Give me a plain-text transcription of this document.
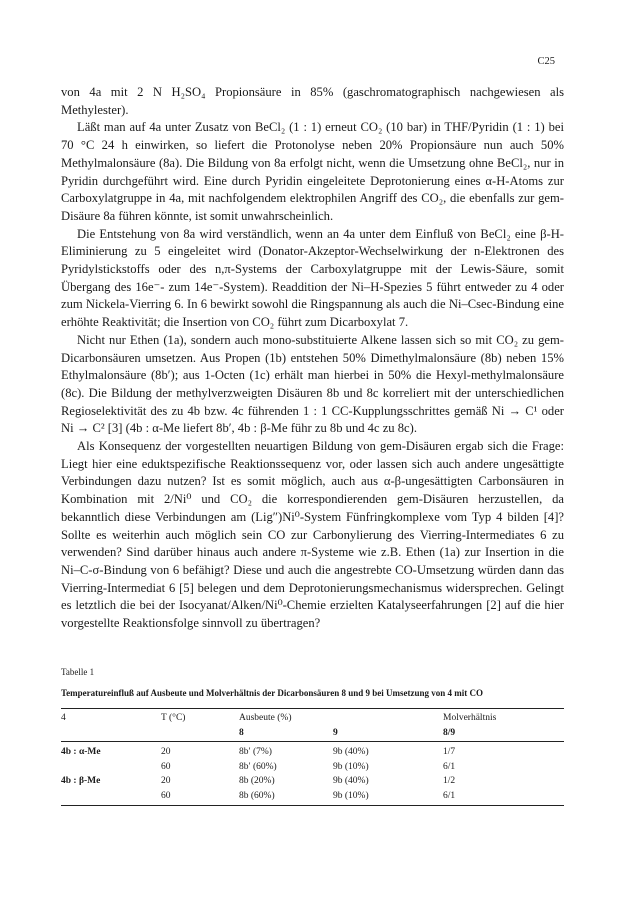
C25

von 4a mit 2 N H₂SO₄ Propionsäure in 85% (gaschromatographisch nachgewiesen als Methylester).

Läßt man auf 4a unter Zusatz von BeCl₂ (1 : 1) erneut CO₂ (10 bar) in THF/Pyridin (1 : 1) bei 70 °C 24 h einwirken, so liefert die Protonolyse neben 20% Propionsäure nun auch 50% Methylmalonsäure (8a). Die Bildung von 8a erfolgt nicht, wenn die Umsetzung ohne BeCl₂, nur in Pyridin durchgeführt wird. Eine durch Pyridin eingeleitete Deprotonierung eines α-H-Atoms zur Carboxylatgruppe in 4a, mit nachfolgendem elektrophilen Angriff des CO₂, die ebenfalls zur gem-Disäure 8a führen könnte, ist somit unwahrscheinlich.

Die Entstehung von 8a wird verständlich, wenn an 4a unter dem Einfluß von BeCl₂ eine β-H-Eliminierung zu 5 eingeleitet wird (Donator-Akzeptor-Wechselwirkung der n-Elektronen des Pyridylstickstoffs oder des n,π-Systems der Carboxylatgruppe mit der Lewis-Säure, somit Übergang des 16e⁻- zum 14e⁻-System). Readdition der Ni–H-Spezies 5 führt entweder zu 4 oder zum Nickela-Vierring 6. In 6 bewirkt sowohl die Ringspannung als auch die Ni–Csec-Bindung eine erhöhte Reaktivität; die Insertion von CO₂ führt zum Dicarboxylat 7.

Nicht nur Ethen (1a), sondern auch mono-substituierte Alkene lassen sich so mit CO₂ zu gem-Dicarbonsäuren umsetzen. Aus Propen (1b) entstehen 50% Dimethylmalonsäure (8b) neben 15% Ethylmalonsäure (8b′); aus 1-Octen (1c) erhält man hierbei in 50% die Hexyl-methylmalonsäure (8c). Die Bildung der methylverzweigten Disäuren 8b und 8c korreliert mit der unterschiedlichen Regioselektivität des zu 4b bzw. 4c führenden 1 : 1 CC-Kupplungsschrittes gemäß Ni → C¹ oder Ni → C² [3] (4b : α-Me liefert 8b′, 4b : β-Me führ zu 8b und 4c zu 8c).

Als Konsequenz der vorgestellten neuartigen Bildung von gem-Disäuren ergab sich die Frage: Liegt hier eine eduktspezifische Reaktionssequenz vor, oder lassen sich auch andere ungesättigte Verbindungen dazu nutzen? Ist es somit möglich, auch aus α-β-ungesättigten Carbonsäuren in Kombination mit 2/Ni⁰ und CO₂ die korrespondierenden gem-Disäuren herzustellen, da bekanntlich diese Verbindungen am (Lig″)Ni⁰-System Fünfringkomplexe vom Typ 4 bilden [4]? Sollte es weiterhin auch möglich sein CO zur Carbonylierung des Vierring-Intermediates 6 zu verwenden? Sind darüber hinaus auch andere π-Systeme wie z.B. Ethen (1a) zur Insertion in die Ni–C-σ-Bindung von 6 befähigt? Diese und auch die angestrebte CO-Umsetzung würden dann das Vierring-Intermediat 6 [5] belegen und dem Deprotonierungsmechanismus widersprechen. Gelingt es letztlich die bei der Isocyanat/Alken/Ni⁰-Chemie erzielten Katalyseerfahrungen [2] auf die hier vorgestellte Reaktionsfolge sinnvoll zu übertragen?

Tabelle 1
Temperatureinfluß auf Ausbeute und Molverhältnis der Dicarbonsäuren 8 und 9 bei Umsetzung von 4 mit CO
4	T (°C)	Ausbeute (%)		Molverhältnis
		8	9	8/9
4b : α-Me	20	8b′ (7%)	9b (40%)	1/7
	60	8b′ (60%)	9b (10%)	6/1
4b : β-Me	20	8b (20%)	9b (40%)	1/2
	60	8b (60%)	9b (10%)	6/1
